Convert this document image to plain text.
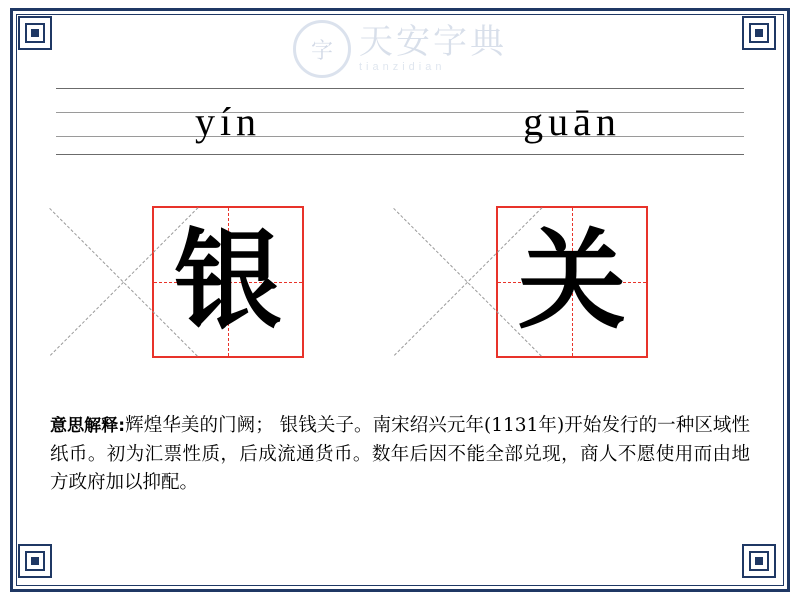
字 天安字典
tianzidian
yín	guān
银 关
意思解释:辉煌华美的门阙； 银钱关子。南宋绍兴元年(1131年)开始发行的一种区域性纸币。初为汇票性质，后成流通货币。数年后因不能全部兑现，商人不愿使用而由地方政府加以抑配。
